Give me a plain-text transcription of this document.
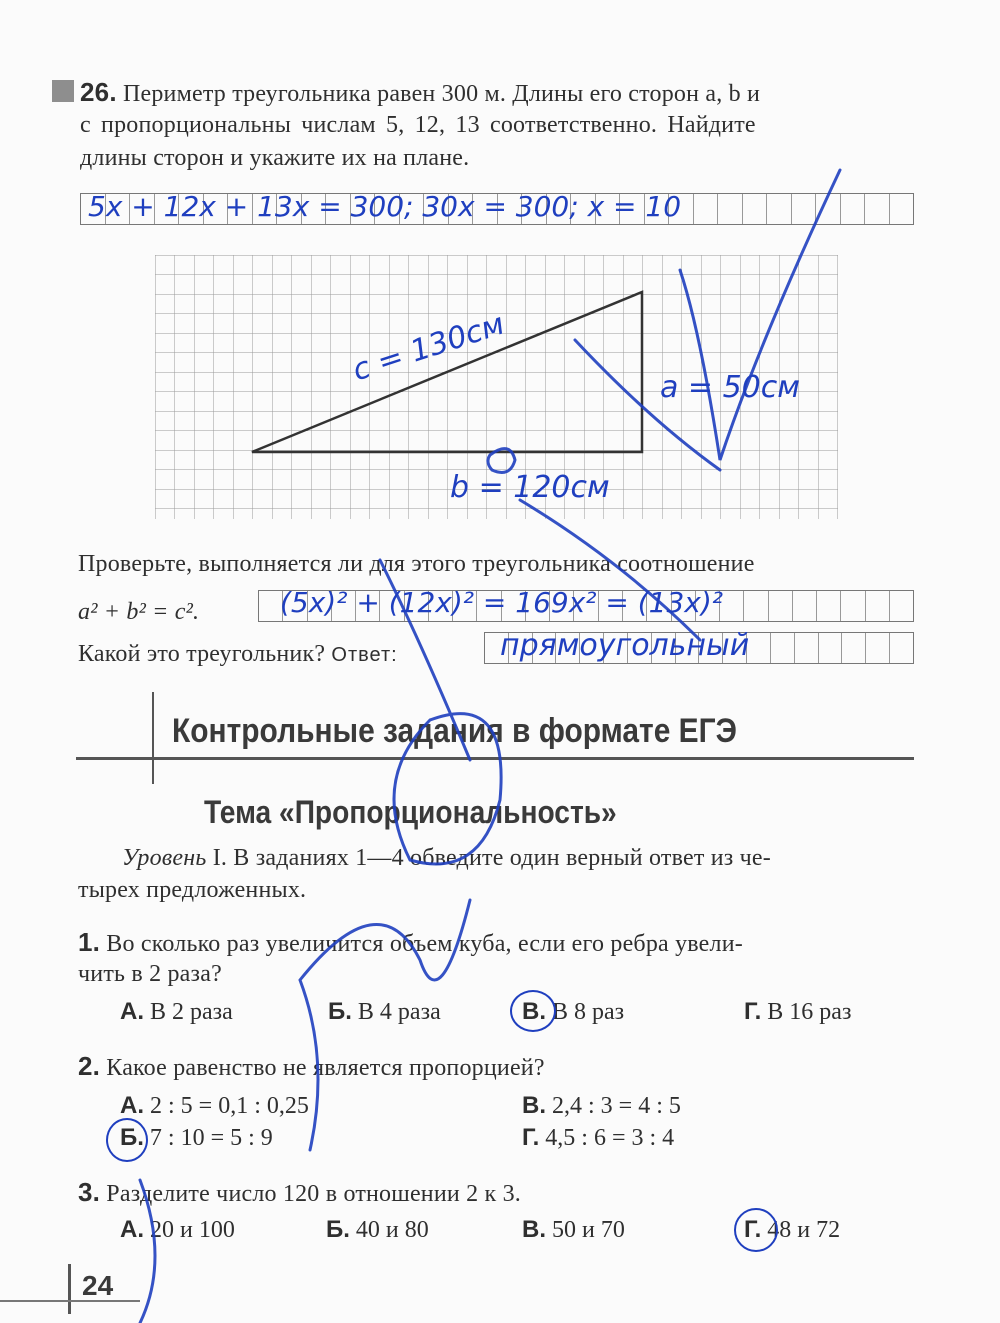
26. Периметр треугольника равен 300 м. Длины его сторон a, b и
c пропорциональны числам 5, 12, 13 соответственно. Найдите
длины сторон и укажите их на плане.
5x + 12x + 13x = 300; 30x = 300; x = 10
c = 130см	a = 50см
b = 120см
Проверьте, выполняется ли для этого треугольника соотношение
a² + b² = c².	(5x)² + (12x)² = 169x² = (13x)²
Какой это треугольник? Ответ:	прямоугольный
Контрольные задания в формате ЕГЭ
Тема «Пропорциональность»
Уровень I. В заданиях 1—4 обведите один верный ответ из че-
тырех предложенных.
1. Во сколько раз увеличится объем куба, если его ребра увели-
чить в 2 раза?
А. В 2 раза	Б. В 4 раза	В. В 8 раз	Г. В 16 раз
2. Какое равенство не является пропорцией?
А. 2 : 5 = 0,1 : 0,25	В. 2,4 : 3 = 4 : 5
Б. 7 : 10 = 5 : 9	Г. 4,5 : 6 = 3 : 4
3. Разделите число 120 в отношении 2 к 3.
А. 20 и 100	Б. 40 и 80	В. 50 и 70	Г. 48 и 72
24
